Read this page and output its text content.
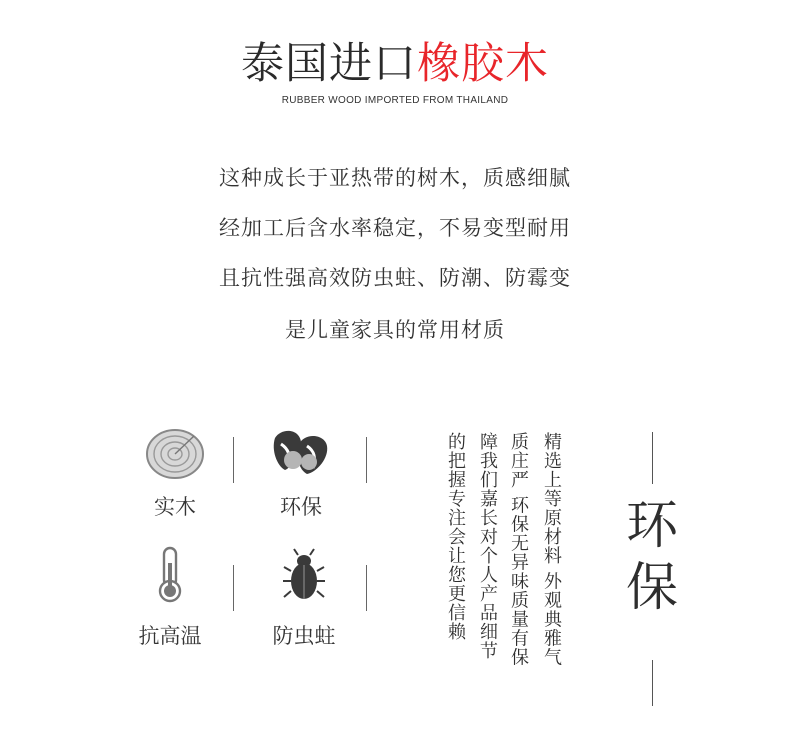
泰国进口橡胶木
RUBBER WOOD IMPORTED FROM THAILAND
这种成长于亚热带的树木，质感细腻
经加工后含水率稳定，不易变型耐用
且抗性强高效防虫蛀、防潮、防霉变
是儿童家具的常用材质
实木	环保
抗高温	防虫蛀	精选上等原材料 外观典雅气
质庄严 环保无异味质量有保
障我们嘉长对个人产品细节
的把握专注会让您更信赖	环保
